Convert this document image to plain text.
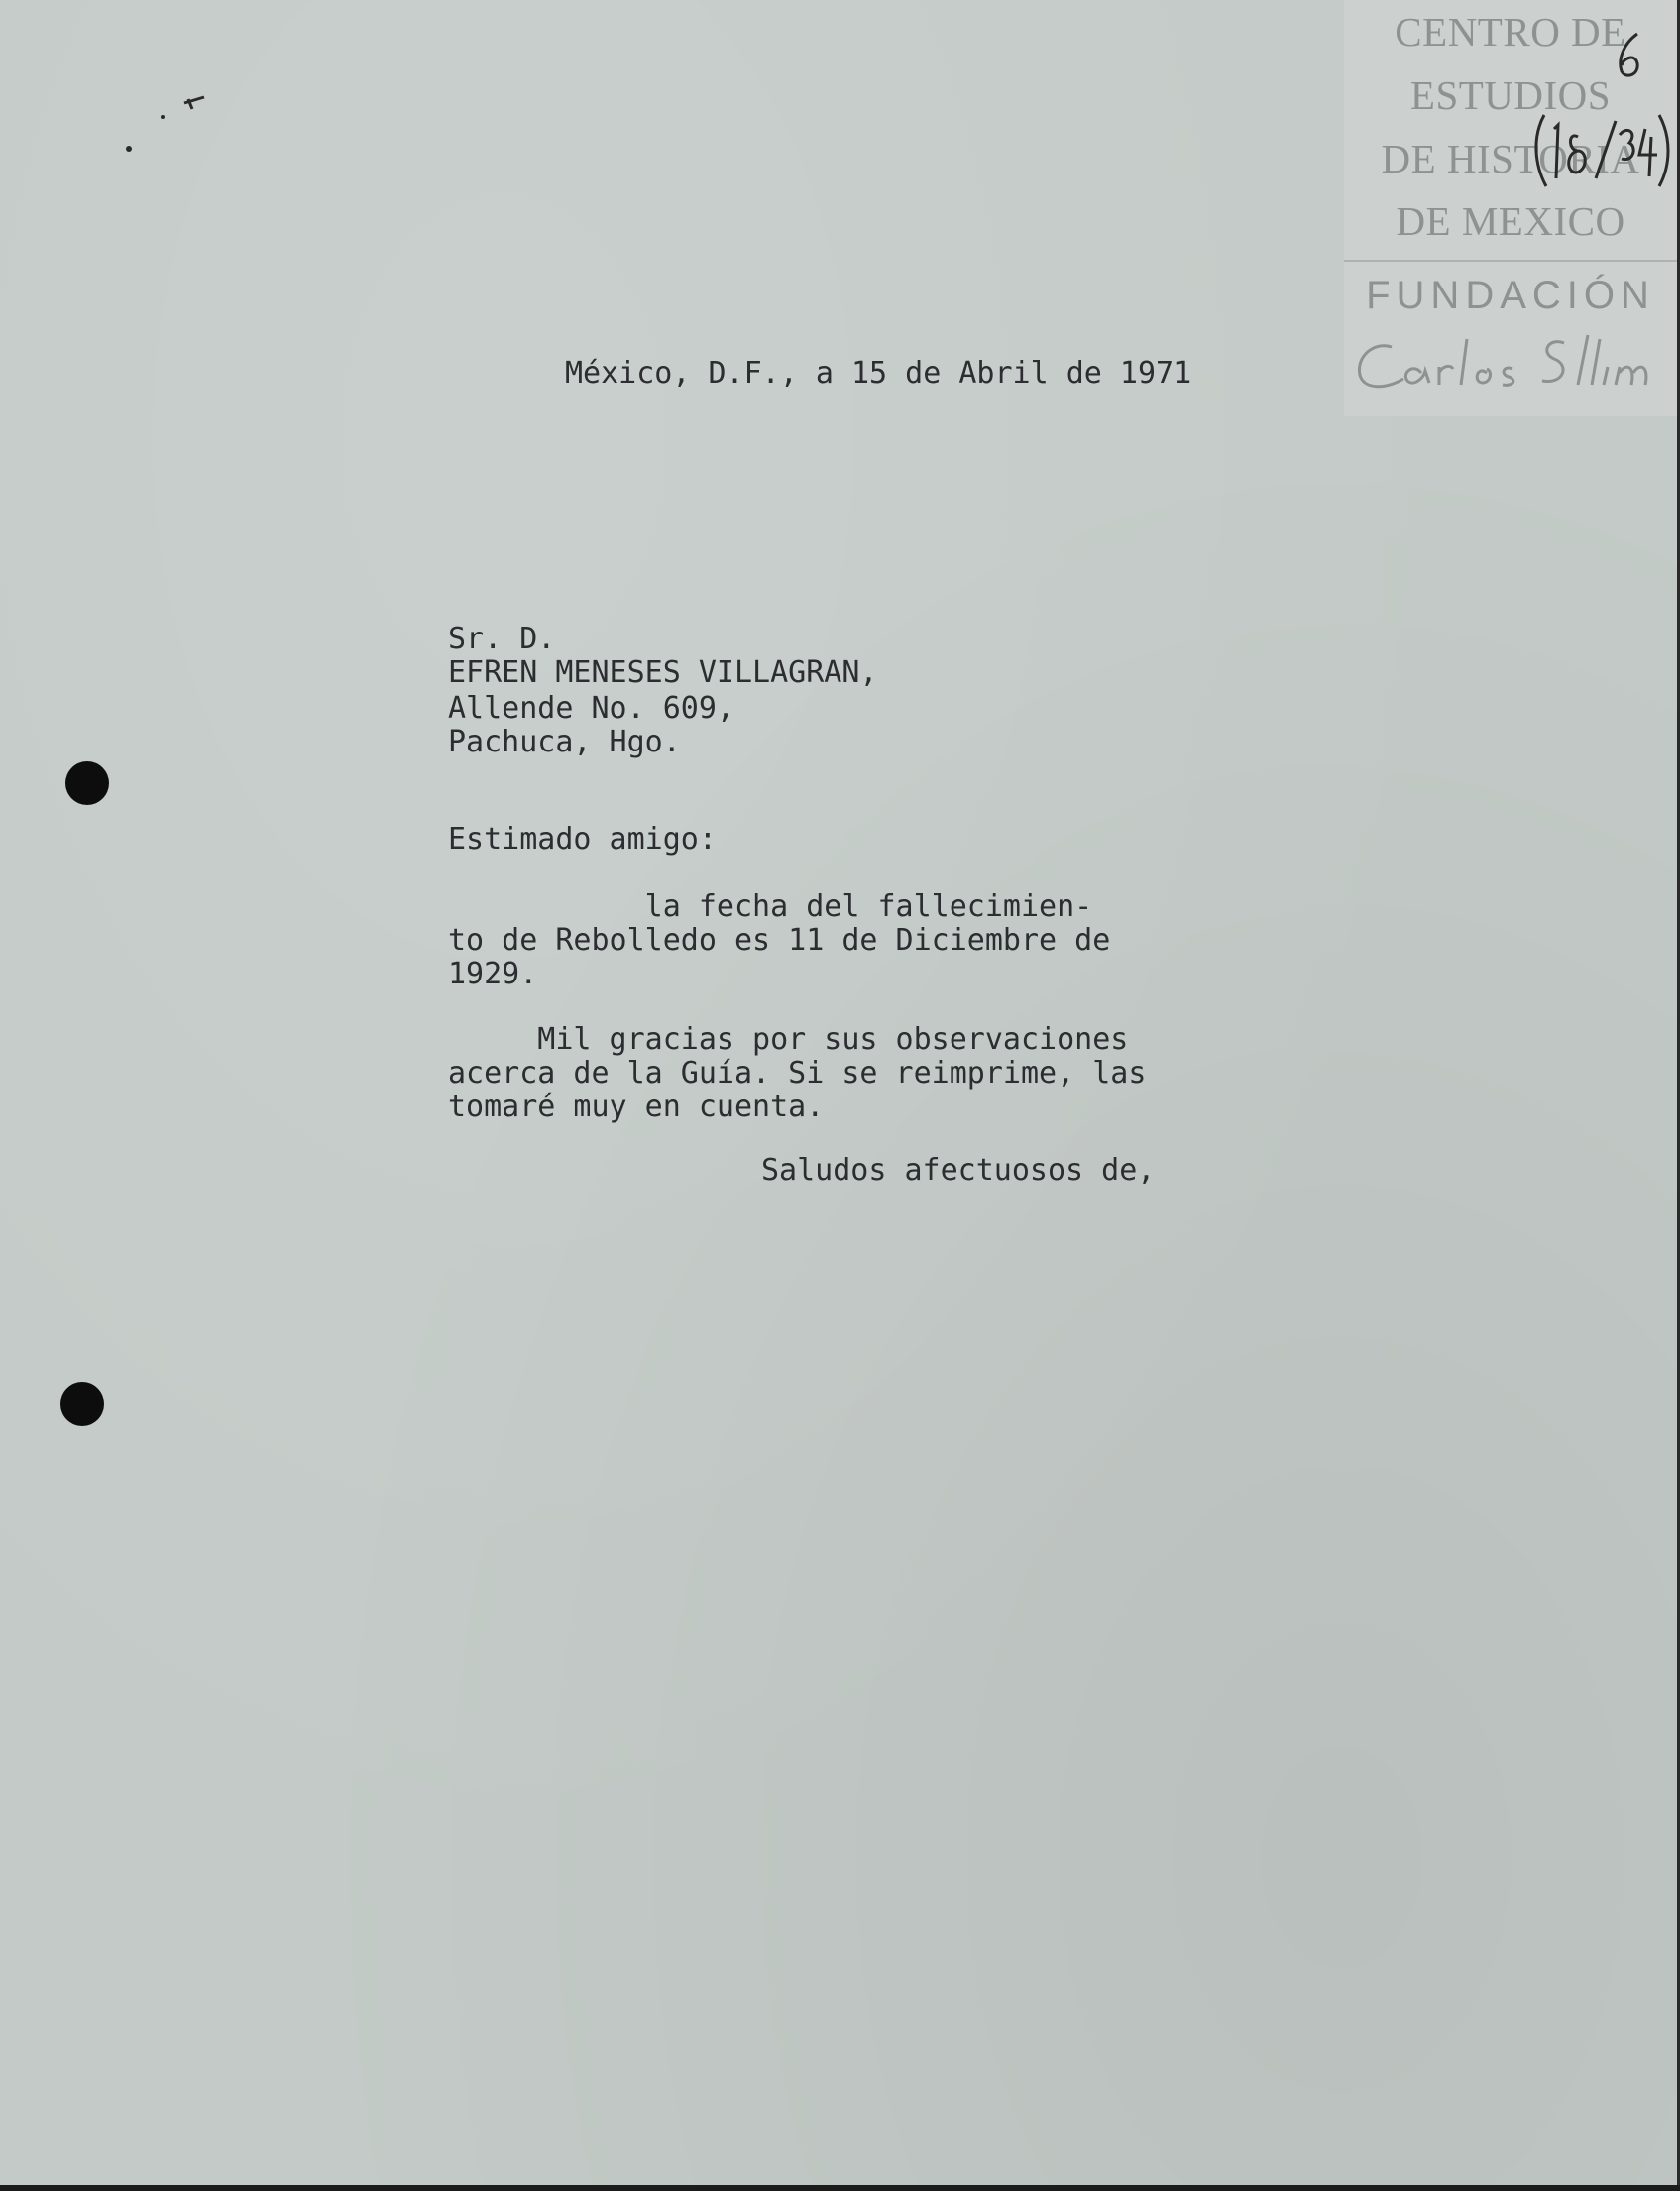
CENTRO DE
ESTUDIOS
DE HISTORIA
DE MEXICO
FUNDACIÓN

México, D.F., a 15 de Abril de 1971

Sr. D.

EFREN MENESES VILLAGRAN,

Allende No. 609,

Pachuca, Hgo.

Estimado amigo:

la fecha del fallecimien-

to de Rebolledo es 11 de Diciembre de

1929.

Mil gracias por sus observaciones

acerca de la Guía. Si se reimprime, las

tomaré muy en cuenta.

Saludos afectuosos de,
